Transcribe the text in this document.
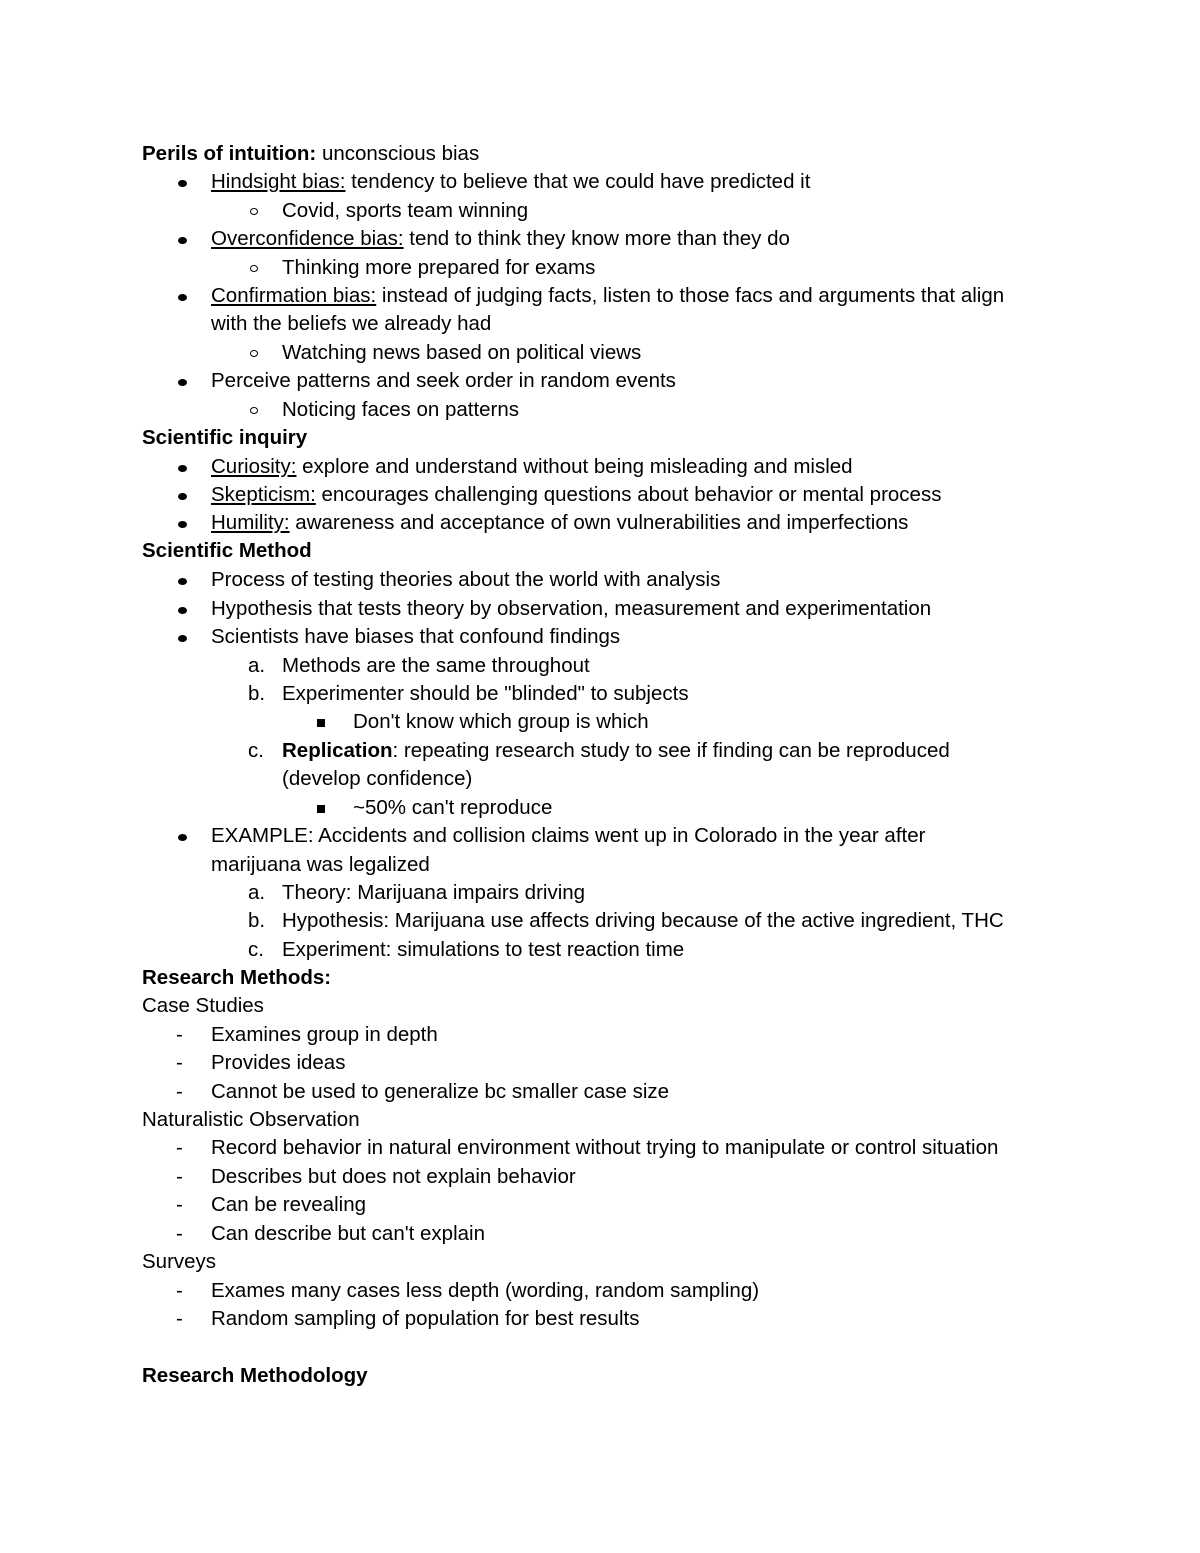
Perils of intuition: unconscious bias
Hindsight bias: tendency to believe that we could have predicted it
Covid, sports team winning
Overconfidence bias: tend to think they know more than they do
Thinking more prepared for exams
Confirmation bias: instead of judging facts, listen to those facs and arguments that align
with the beliefs we already had
Watching news based on political views
Perceive patterns and seek order in random events
Noticing faces on patterns
Scientific inquiry
Curiosity: explore and understand without being misleading and misled
Skepticism: encourages challenging questions about behavior or mental process
Humility: awareness and acceptance of own vulnerabilities and imperfections
Scientific Method
Process of testing theories about the world with analysis
Hypothesis that tests theory by observation, measurement and experimentation
Scientists have biases that confound findings
a. Methods are the same throughout
b. Experimenter should be "blinded" to subjects
Don't know which group is which
c. Replication: repeating research study to see if finding can be reproduced
(develop confidence)
~50% can't reproduce
EXAMPLE: Accidents and collision claims went up in Colorado in the year after
marijuana was legalized
a. Theory: Marijuana impairs driving
b. Hypothesis: Marijuana use affects driving because of the active ingredient, THC
c. Experiment: simulations to test reaction time
Research Methods:
Case Studies
- Examines group in depth
- Provides ideas
- Cannot be used to generalize bc smaller case size
Naturalistic Observation
- Record behavior in natural environment without trying to manipulate or control situation
- Describes but does not explain behavior
- Can be revealing
- Can describe but can't explain
Surveys
- Exames many cases less depth (wording, random sampling)
- Random sampling of population for best results
Research Methodology
